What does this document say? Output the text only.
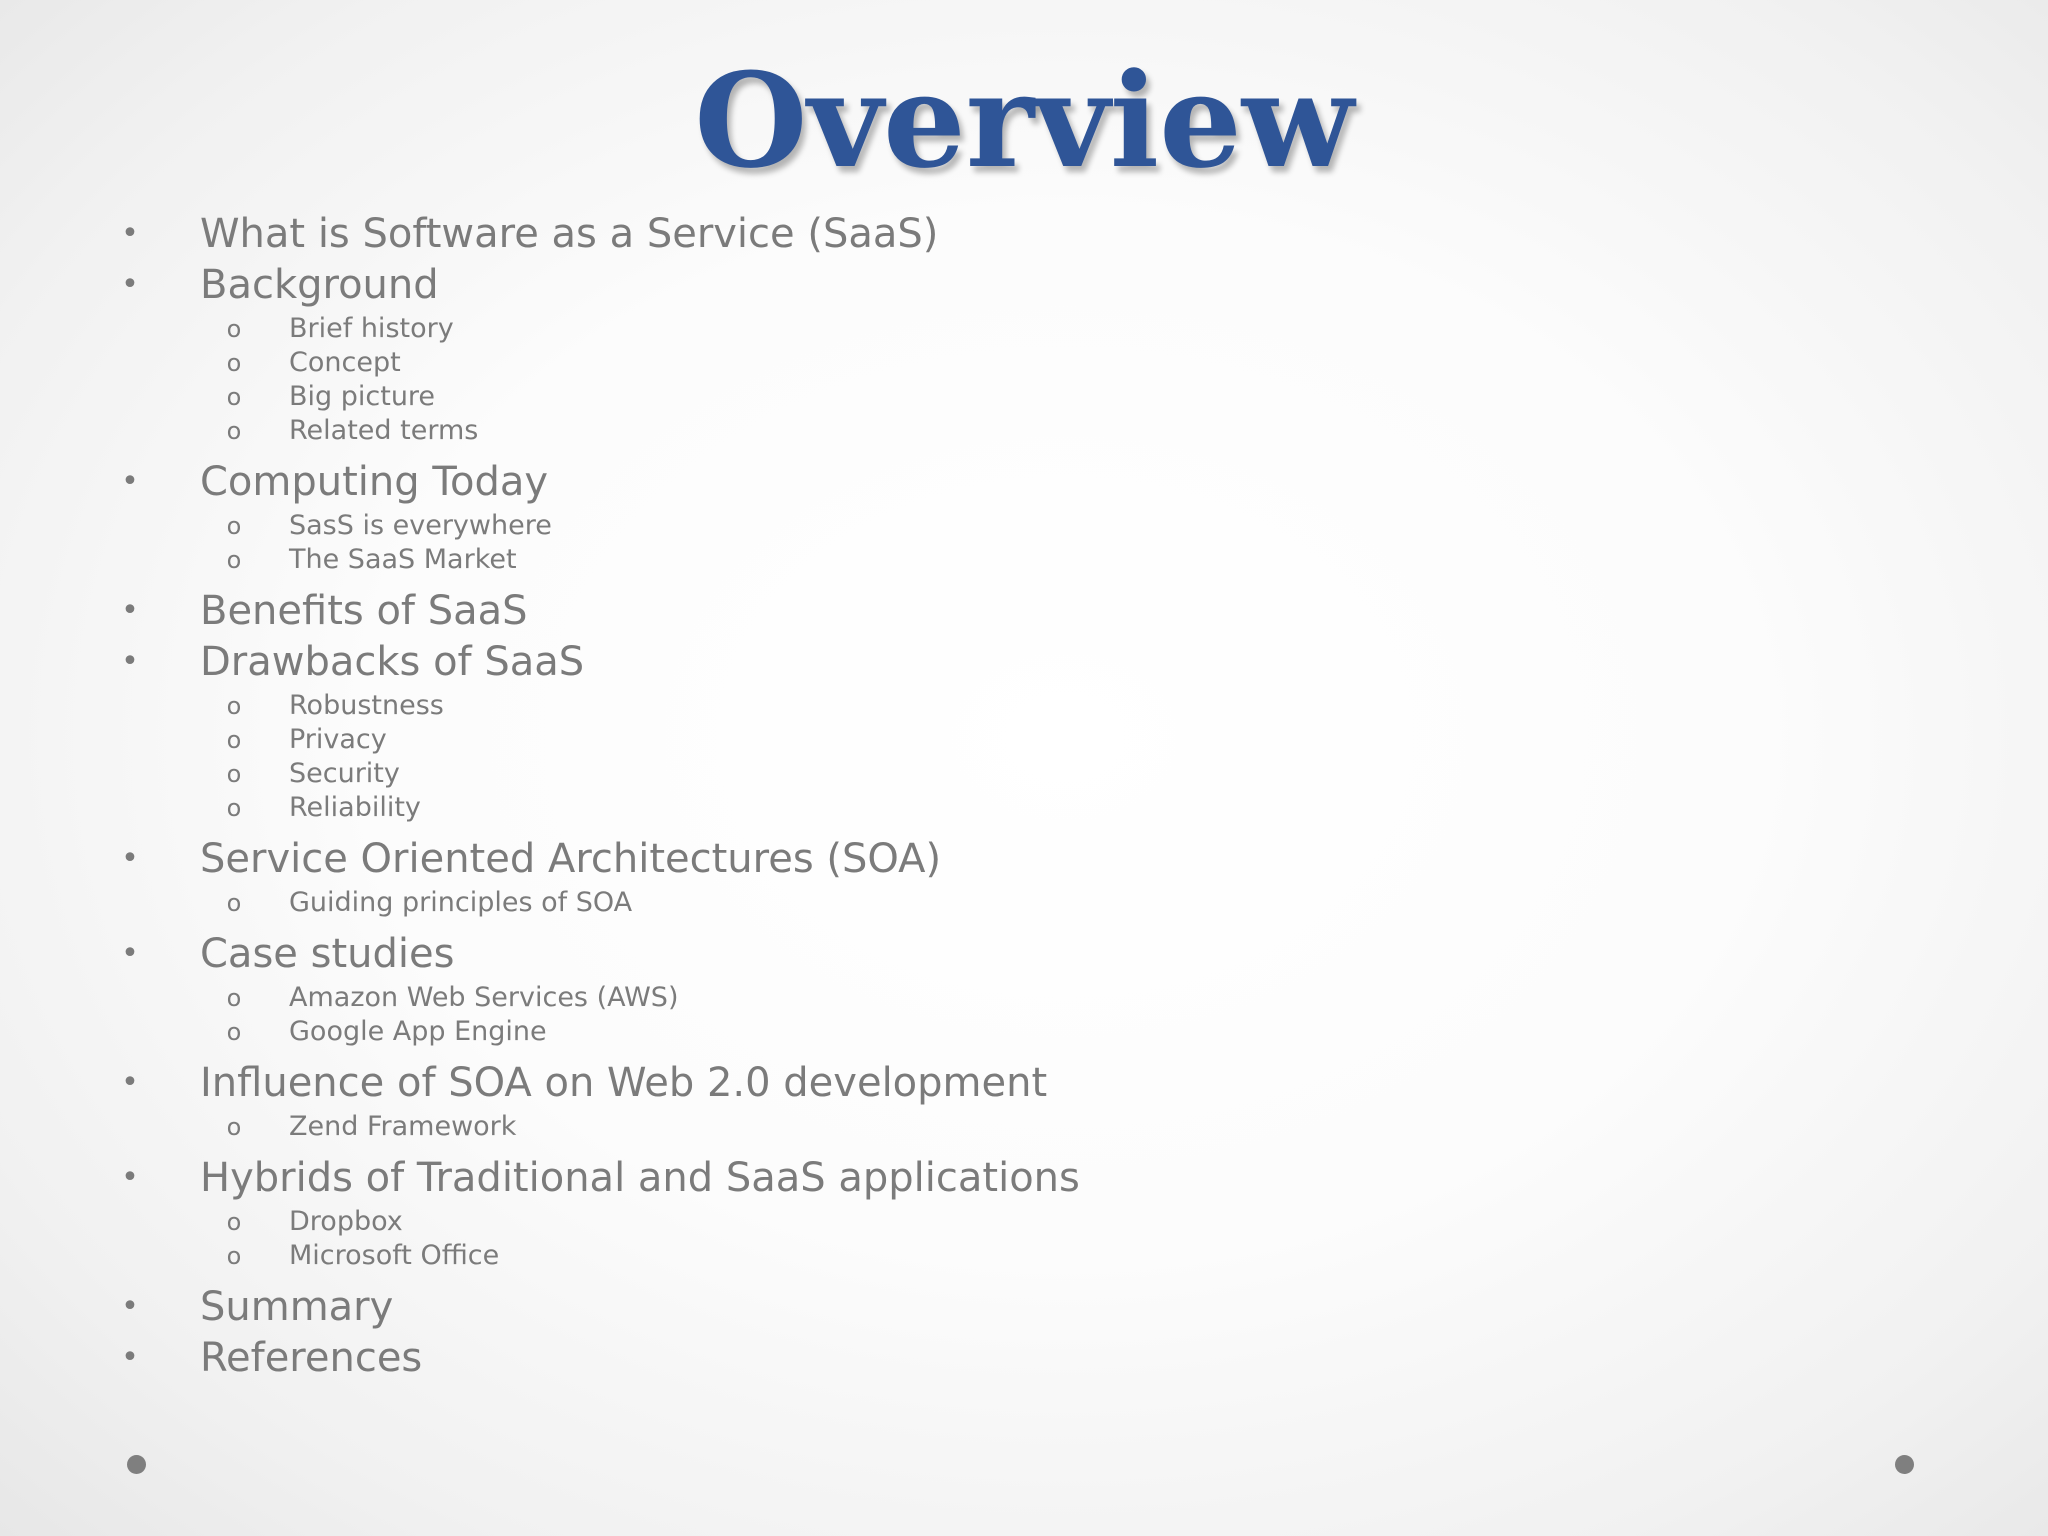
Overview
• What is Software as a Service (SaaS)
• Background
o Brief history
o Concept
o Big picture
o Related terms
• Computing Today
o SasS is everywhere
o The SaaS Market
• Benefits of SaaS
• Drawbacks of SaaS
o Robustness
o Privacy
o Security
o Reliability
• Service Oriented Architectures (SOA)
o Guiding principles of SOA
• Case studies
o Amazon Web Services (AWS)
o Google App Engine
• Influence of SOA on Web 2.0 development
o Zend Framework
• Hybrids of Traditional and SaaS applications
o Dropbox
o Microsoft Office
• Summary
• References
